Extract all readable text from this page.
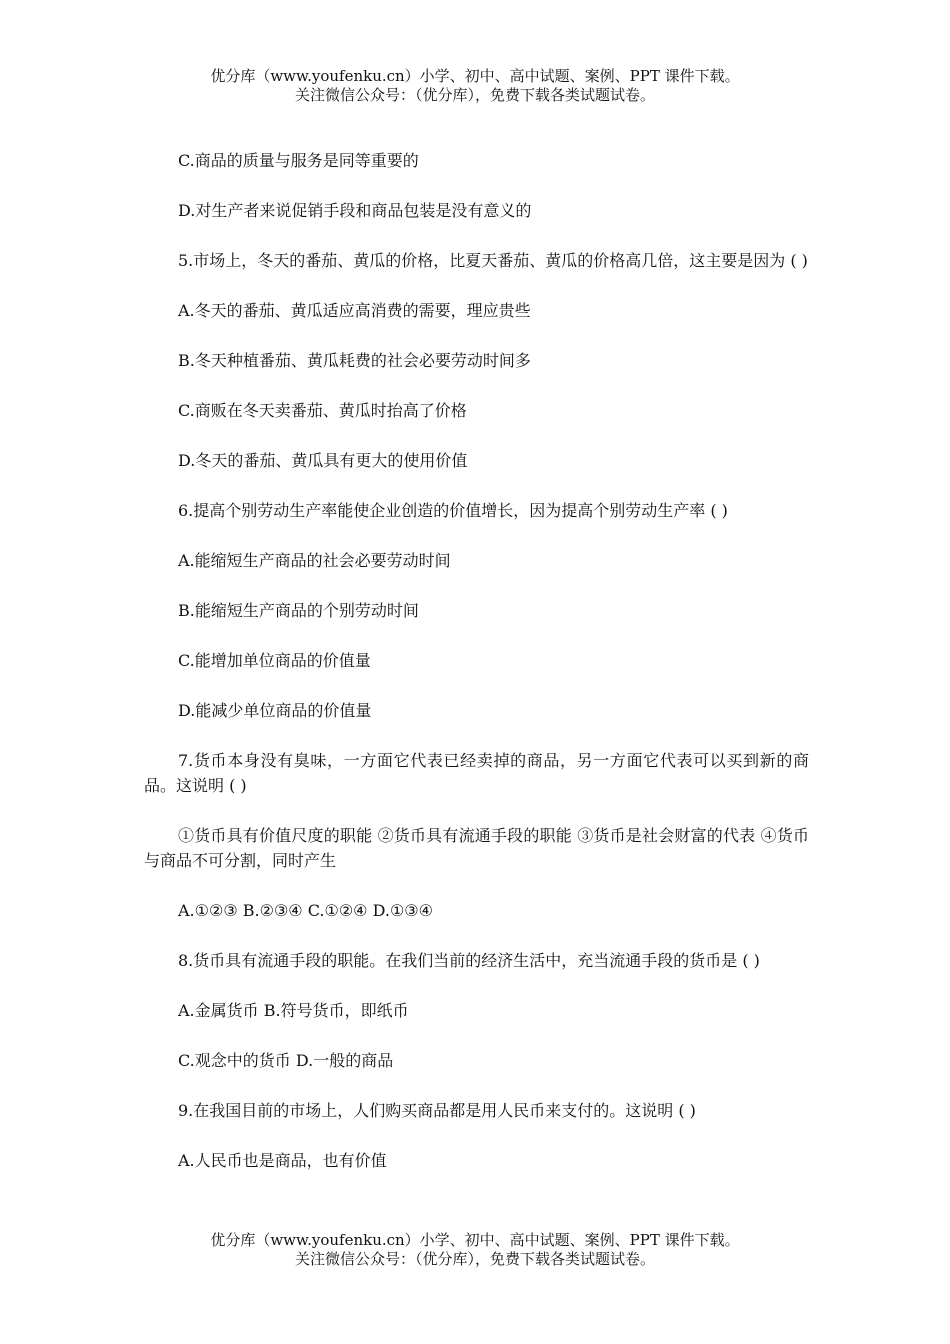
优分库（www.youfenku.cn）小学、初中、高中试题、案例、PPT 课件下载。
关注微信公众号：（优分库），免费下载各类试题试卷。

C.商品的质量与服务是同等重要的

D.对生产者来说促销手段和商品包装是没有意义的

5.市场上，冬天的番茄、黄瓜的价格，比夏天番茄、黄瓜的价格高几倍，这主要是因为 ( )

A.冬天的番茄、黄瓜适应高消费的需要，理应贵些

B.冬天种植番茄、黄瓜耗费的社会必要劳动时间多

C.商贩在冬天卖番茄、黄瓜时抬高了价格

D.冬天的番茄、黄瓜具有更大的使用价值

6.提高个别劳动生产率能使企业创造的价值增长，因为提高个别劳动生产率 ( )

A.能缩短生产商品的社会必要劳动时间

B.能缩短生产商品的个别劳动时间

C.能增加单位商品的价值量

D.能减少单位商品的价值量

7.货币本身没有臭味，一方面它代表已经卖掉的商品，另一方面它代表可以买到新的商品。这说明 ( )

①货币具有价值尺度的职能 ②货币具有流通手段的职能 ③货币是社会财富的代表 ④货币与商品不可分割，同时产生

A.①②③ B.②③④ C.①②④ D.①③④

8.货币具有流通手段的职能。在我们当前的经济生活中，充当流通手段的货币是 ( )

A.金属货币 B.符号货币，即纸币

C.观念中的货币 D.一般的商品

9.在我国目前的市场上，人们购买商品都是用人民币来支付的。这说明 ( )

A.人民币也是商品，也有价值

优分库（www.youfenku.cn）小学、初中、高中试题、案例、PPT 课件下载。
关注微信公众号：（优分库），免费下载各类试题试卷。
